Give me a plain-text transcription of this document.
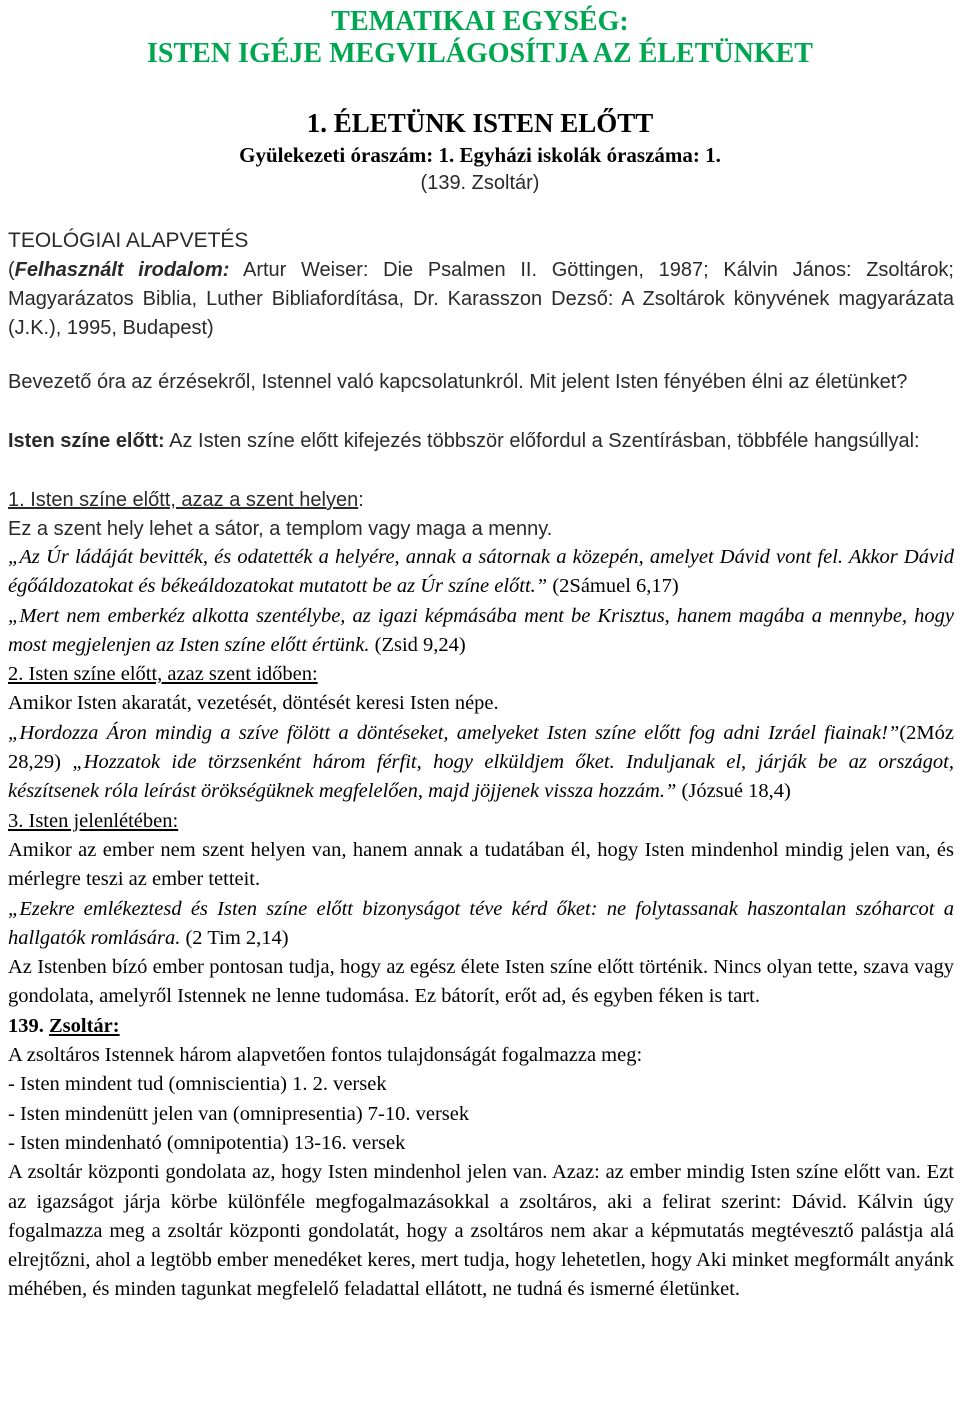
TEMATIKAI EGYSÉG:
ISTEN IGÉJE MEGVILÁGOSÍTJA AZ ÉLETÜNKET
1. ÉLETÜNK ISTEN ELŐTT
Gyülekezeti óraszám: 1. Egyházi iskolák óraszáma: 1.
(139. Zsoltár)
TEOLÓGIAI ALAPVETÉS
(Felhasznált irodalom: Artur Weiser: Die Psalmen II. Göttingen, 1987; Kálvin János: Zsoltárok; Magyarázatos Biblia, Luther Bibliafordítása, Dr. Karasszon Dezső: A Zsoltárok könyvének magyarázata (J.K.), 1995, Budapest)
Bevezető óra az érzésekről, Istennel való kapcsolatunkról. Mit jelent Isten fényében élni az életünket?
Isten színe előtt: Az Isten színe előtt kifejezés többször előfordul a Szentírásban, többféle hangsúllyal:
1. Isten színe előtt, azaz a szent helyen:
Ez a szent hely lehet a sátor, a templom vagy maga a menny.

„Az Úr ládáját bevitték, és odatették a helyére, annak a sátornak a közepén, amelyet Dávid vont fel. Akkor Dávid égőáldozatokat és békeáldozatokat mutatott be az Úr színe előtt.” (2Sámuel 6,17)

„Mert nem emberkéz alkotta szentélybe, az igazi képmásába ment be Krisztus, hanem magába a mennybe, hogy most megjelenjen az Isten színe előtt értünk. (Zsid 9,24)

2. Isten színe előtt, azaz szent időben:

Amikor Isten akaratát, vezetését, döntését keresi Isten népe.

„Hordozza Áron mindig a szíve fölött a döntéseket, amelyeket Isten színe előtt fog adni Izráel fiainak!”(2Móz 28,29) „Hozzatok ide törzsenként három férfit, hogy elküldjem őket. Induljanak el, járják be az országot, készítsenek róla leírást örökségüknek megfelelően, majd jöjjenek vissza hozzám.” (Józsué 18,4)

3. Isten jelenlétében:

Amikor az ember nem szent helyen van, hanem annak a tudatában él, hogy Isten mindenhol mindig jelen van, és mérlegre teszi az ember tetteit.

„Ezekre emlékeztesd és Isten színe előtt bizonyságot téve kérd őket: ne folytassanak haszontalan szóharcot a hallgatók romlására. (2 Tim 2,14)

Az Istenben bízó ember pontosan tudja, hogy az egész élete Isten színe előtt történik. Nincs olyan tette, szava vagy gondolata, amelyről Istennek ne lenne tudomása. Ez bátorít, erőt ad, és egyben féken is tart.

139. Zsoltár:

A zsoltáros Istennek három alapvetően fontos tulajdonságát fogalmazza meg:

- Isten mindent tud (omniscientia) 1. 2. versek

- Isten mindenütt jelen van (omnipresentia) 7-10. versek

- Isten mindenható (omnipotentia) 13-16. versek

A zsoltár központi gondolata az, hogy Isten mindenhol jelen van. Azaz: az ember mindig Isten színe előtt van. Ezt az igazságot járja körbe különféle megfogalmazásokkal a zsoltáros, aki a felirat szerint: Dávid. Kálvin úgy fogalmazza meg a zsoltár központi gondolatát, hogy a zsoltáros nem akar a képmutatás megtévesztő palástja alá elrejtőzni, ahol a legtöbb ember menedéket keres, mert tudja, hogy lehetetlen, hogy Aki minket megformált anyánk méhében, és minden tagunkat megfelelő feladattal ellátott, ne tudná és ismerné életünket.
